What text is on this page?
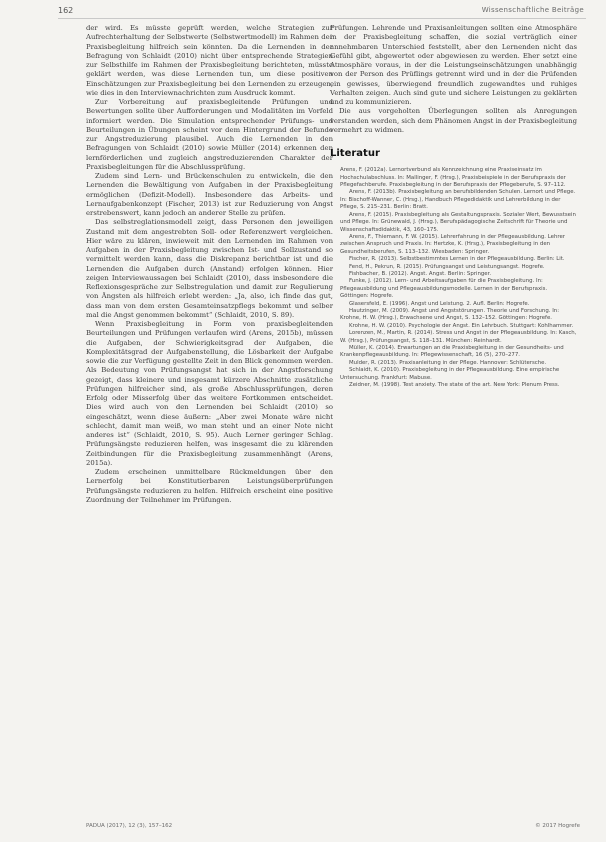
162	Wissenschaftliche Beiträge

der wird. Es müsste geprüft werden, welche Strategien zur Aufrechterhaltung der Selbstwerte (Selbstwertmodell) im Rahmen der Praxisbegleitung hilfreich sein könnten. Da die Lernenden in der Befragung von Schlaidt (2010) nicht über entsprechende Strategien zur Selbsthilfe im Rahmen der Praxisbegleitung berichteten, müsste geklärt werden, was diese Lernenden tun, um diese positiven Einschätzungen zur Praxisbegleitung bei den Lernenden zu erzeugen, wie dies in den Interviewnachrichten zum Ausdruck kommt.

Zur Vorbereitung auf praxisbegleitende Prüfungen und Bewertungen sollte über Aufforderungen und Modalitäten im Vorfeld informiert werden. Die Simulation entsprechender Prüfungs- und Beurteilungen in Übungen scheint vor dem Hintergrund der Befunde zur Angstreduzierung plausibel. Auch die Lernenden in den Befragungen von Schlaidt (2010) sowie Müller (2014) erkennen den lernförderlichen und zugleich angstreduzierenden Charakter der Praxisbegleitungen für die Abschlussprüfung.

Zudem sind Lern- und Brückenschulen zu entwickeln, die den Lernenden die Bewältigung von Aufgaben in der Praxisbegleitung ermöglichen (Defizit-Modell). Insbesondere das Arbeits- und Lernaufgabenkonzept (Fischer, 2013) ist zur Reduzierung von Angst erstrebenswert, kann jedoch an anderer Stelle zu prüfen.

Das selbstreglationsmodell zeigt, dass Personen den jeweiligen Zustand mit dem angestrebten Soll- oder Referenzwert vergleichen. Hier wäre zu klären, inwieweit mit den Lernenden im Rahmen von Aufgaben in der Praxisbegleitung zwischen Ist- und Sollzustand so vermittelt werden kann, dass die Diskrepanz berichtbar ist und die Lernenden die Aufgaben durch (Anstand) erfolgen können. Hier zeigen Interviewaussagen bei Schlaidt (2010), dass insbesondere die Reflexionsgespräche zur Selbstregulation und damit zur Regulierung von Ängsten als hilfreich erlebt werden: „Ja, also, ich finde das gut, dass man von dem ersten Gesamteinsatzpflegs bekommt und selber mal die Angst genommen bekommt“ (Schlaidt, 2010, S. 89).

Wenn Praxisbegleitung in Form von praxisbegleitenden Beurteilungen und Prüfungen verlaufen wird (Arens, 2015b), müssen die Aufgaben, der Schwierigkeitsgrad der Aufgaben, die Komplexitätsgrad der Aufgabenstellung, die Lösbarkeit der Aufgabe sowie die zur Verfügung gestellte Zeit in den Blick genommen werden. Als Bedeutung von Prüfungsangst hat sich in der Angstforschung gezeigt, dass kleinere und insgesamt kürzere Abschnitte zusätzliche Prüfungen hilfreicher sind, als große Abschlussprüfungen, deren Erfolg oder Misserfolg über das weitere Fortkommen entscheidet. Dies wird auch von den Lernenden bei Schlaidt (2010) so eingeschätzt, wenn diese äußern: „Aber zwei Monate wäre nicht schlecht, damit man weiß, wo man steht und an einer Note nicht anderes ist“ (Schlaidt, 2010, S. 95). Auch Lerner geringer Schlag. Prüfungsängste reduzieren helfen, was insgesamt die zu klärenden Zeitbindungen für die Praxisbegleitung zusammenhängt (Arens, 2015a).

Zudem erscheinen unmittelbare Rückmeldungen über den Lernerfolg bei Konstitutierbaren Leistungsüberprüfungen Prüfungsängste reduzieren zu helfen. Hilfreich erscheint eine positive Zuordnung der Teilnehmer im Prüfungen.

Prüfungen. Lehrende und Praxisanleitungen sollten eine Atmosphäre in der Praxisbegleitung schaffen, die sozial verträglich einer annehmbaren Unterschied feststellt, aber den Lernenden nicht das Gefühl gibt, abgewertet oder abgewiesen zu werden. Eher setzt eine Atmosphäre voraus, in der die Leistungseinschätzungen unabhängig von der Person des Prüflings getrennt wird und in der die Prüfenden ein gewisses, überwiegend freundlich zugewandtes und ruhiges Verhalten zeigen. Auch sind gute und sichere Leistungen zu geklärten und zu kommunizieren.

Die aus vorgeholten Überlegungen sollten als Anregungen verstanden werden, sich dem Phänomen Angst in der Praxisbegleitung vermehrt zu widmen.

Literatur

Arens, F. (2012a). Lernortverbund als Kennzeichnung eine Praxiseinsatz im Hochschulabschluss. In: Mallinger, F. (Hrsg.), Praxisbeispiele in der Berufspraxis der Pflegefachberufe. Praxisbegleitung in der Berufspraxis der Pflegeberufe, S. 97–112.

Arens, F. (2013b). Praxisbegleitung an berufsbildenden Schulen. Lernort und Pflege. In: Bischoff-Wanner, C. (Hrsg.), Handbuch Pflegedidaktik und Lehrerbildung in der Pflege, S. 215–231. Berlin: Bratt.

Arens, F. (2015). Praxisbegleitung als Gestaltungspraxis. Sozialer Wert, Bewusstsein und Pflege. In: Grünewald, J. (Hrsg.), Berufspädagogische Zeitschrift für Theorie und Wissenschaftsdidaktik, 43, 160–175.

Arens, F., Thiemann, F. W. (2015). Lehrerfahrung in der Pflegeausbildung. Lehrer zwischen Anspruch und Praxis. In: Hertzke, K. (Hrsg.), Praxisbegleitung in den Gesundheitsberufen, S. 113–132. Wiesbaden: Springer.

Fischer, R. (2013). Selbstbestimmtes Lernen in der Pflegeausbildung. Berlin: Lit.

Fend, H., Pekrun, R. (2015). Prüfungsangst und Leistungsangst. Hogrefe.

Fishbacher, B. (2012). Angst. Angst. Berlin: Springer.

Funke, J. (2012). Lern- und Arbeitsaufgaben für die Praxisbegleitung. In: Pflegeausbildung und Pflegeausbildungsmodelle. Lernen in der Berufspraxis. Göttingen: Hogrefe.

Glasersfeld, E. (1996). Angst und Leistung. 2. Aufl. Berlin: Hogrefe.

Hautzinger, M. (2009). Angst und Angststörungen. Theorie und Forschung. In: Krohne, H. W. (Hrsg.), Erwachsene und Angst, S. 132–152. Göttingen: Hogrefe.

Krohne, H. W. (2010). Psychologie der Angst. Ein Lehrbuch. Stuttgart: Kohlhammer.

Lorenzen, M., Martin, R. (2014). Stress und Angst in der Pflegeausbildung. In: Kasch, W. (Hrsg.), Prüfungsangst, S. 118–131. München: Reinhardt.

Müller, K. (2014). Erwartungen an die Praxisbegleitung in der Gesundheits- und Krankenpflegeausbildung. In: Pflegewissenschaft, 16 (5), 270–277.

Mulder, R. (2013). Praxisanleitung in der Pflege. Hannover: Schlütersche.

Schlaidt, K. (2010). Praxisbegleitung in der Pflegeausbildung. Eine empirische Untersuchung. Frankfurt: Mabuse.

Zeidner, M. (1998). Test anxiety. The state of the art. New York: Plenum Press.

PADUA (2017), 12 (3), 157–162	© 2017 Hogrefe
